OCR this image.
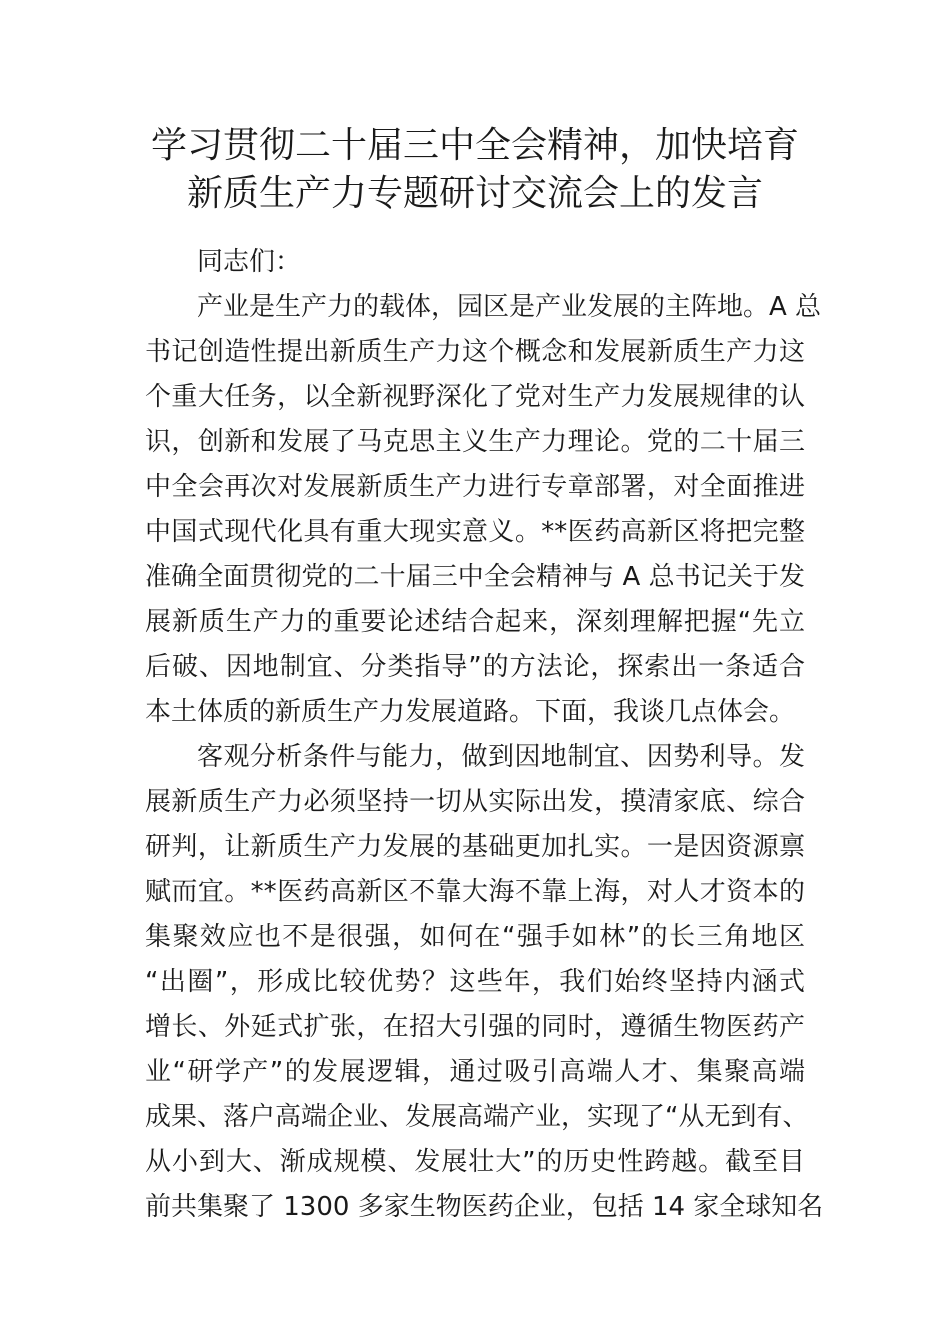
学习贯彻二十届三中全会精神，加快培育
新质生产力专题研讨交流会上的发言
同志们：
产业是生产力的载体，园区是产业发展的主阵地。A 总
书记创造性提出新质生产力这个概念和发展新质生产力这
个重大任务，以全新视野深化了党对生产力发展规律的认
识，创新和发展了马克思主义生产力理论。党的二十届三
中全会再次对发展新质生产力进行专章部署，对全面推进
中国式现代化具有重大现实意义。**医药高新区将把完整
准确全面贯彻党的二十届三中全会精神与 A 总书记关于发
展新质生产力的重要论述结合起来，深刻理解把握“先立
后破、因地制宜、分类指导”的方法论，探索出一条适合
本土体质的新质生产力发展道路。下面，我谈几点体会。
客观分析条件与能力，做到因地制宜、因势利导。发
展新质生产力必须坚持一切从实际出发，摸清家底、综合
研判，让新质生产力发展的基础更加扎实。一是因资源禀
赋而宜。**医药高新区不靠大海不靠上海，对人才资本的
集聚效应也不是很强，如何在“强手如林”的长三角地区
“出圈”，形成比较优势？这些年，我们始终坚持内涵式
增长、外延式扩张，在招大引强的同时，遵循生物医药产
业“研学产”的发展逻辑，通过吸引高端人才、集聚高端
成果、落户高端企业、发展高端产业，实现了“从无到有、
从小到大、渐成规模、发展壮大”的历史性跨越。截至目
前共集聚了 1300 多家生物医药企业，包括 14 家全球知名
